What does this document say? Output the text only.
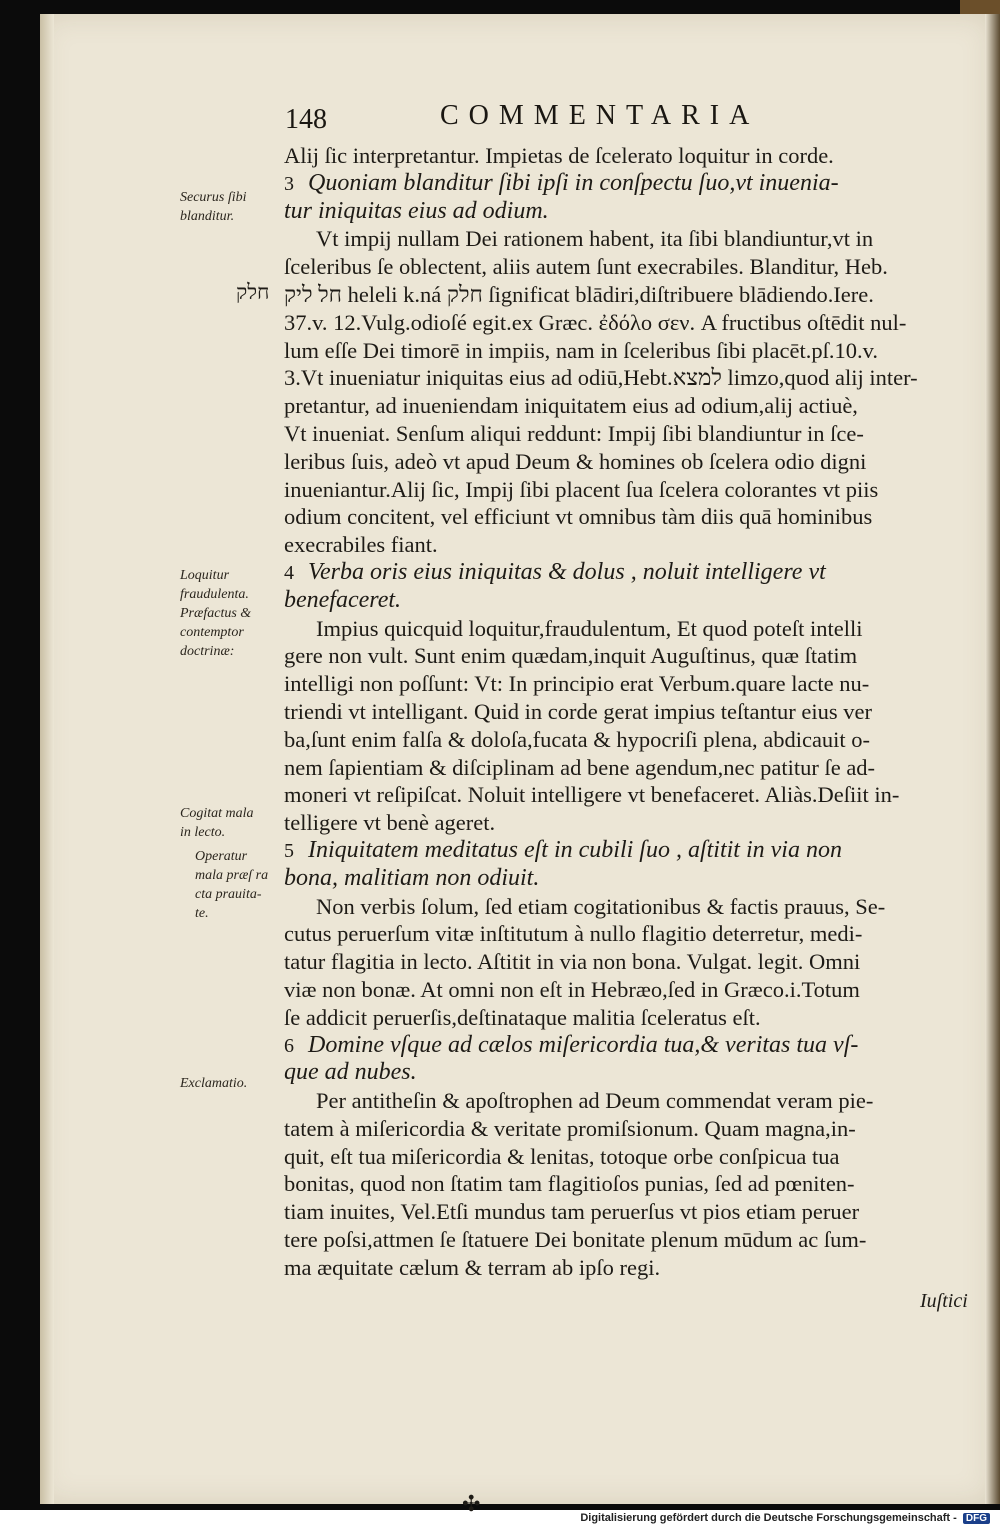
148	COMMENTARIA
חלק
Alij ſic interpretantur. Impietas de ſcelerato loquitur in corde.
3 Quoniam blanditur ſibi ipſi in conſpectu ſuo,vt inuenia-
tur iniquitas eius ad odium.
Vt impij nullam Dei rationem habent, ita ſibi blandiuntur,vt in
ſceleribus ſe oblectent, aliis autem ſunt execrabiles. Blanditur, Heb.
חל ליק heleli k.ná חלק ſignificat blādiri,diſtribuere blādiendo.Iere.
37.v. 12.Vulg.odioſé egit.ex Græc. ἐδόλο σεν. A fructibus oſtēdit nul-
lum eſſe Dei timorē in impiis, nam in ſceleribus ſibi placēt.pſ.10.v.
3.Vt inueniatur iniquitas eius ad odiū,Hebt.למצא limzo,quod alij inter-
pretantur, ad inueniendam iniquitatem eius ad odium,alij actiuè,
Vt inueniat. Senſum aliqui reddunt: Impij ſibi blandiuntur in ſce-
leribus ſuis, adeò vt apud Deum & homines ob ſcelera odio digni
inueniantur.Alij ſic, Impij ſibi placent ſua ſcelera colorantes vt piis
odium concitent, vel efficiunt vt omnibus tàm diis quā hominibus
execrabiles fiant.
4 Verba oris eius iniquitas & dolus , noluit intelligere vt
benefaceret.
Impius quicquid loquitur,fraudulentum, Et quod poteſt intelli
gere non vult. Sunt enim quædam,inquit Auguſtinus, quæ ſtatim
intelligi non poſſunt: Vt: In principio erat Verbum.quare lacte nu-
triendi vt intelligant. Quid in corde gerat impius teſtantur eius ver
ba,ſunt enim falſa & doloſa,fucata & hypocriſi plena, abdicauit o-
nem ſapientiam & diſciplinam ad bene agendum,nec patitur ſe ad-
moneri vt reſipiſcat. Noluit intelligere vt benefaceret. Aliàs.Deſiit in-
telligere vt benè ageret.
5 Iniquitatem meditatus eſt in cubili ſuo , aſtitit in via non
bona, malitiam non odiuit.
Non verbis ſolum, ſed etiam cogitationibus & factis prauus, Se-
cutus peruerſum vitæ inſtitutum à nullo flagitio deterretur, medi-
tatur flagitia in lecto. Aſtitit in via non bona. Vulgat. legit. Omni
viæ non bonæ. At omni non eſt in Hebræo,ſed in Græco.i.Totum
ſe addicit peruerſis,deſtinataque malitia ſceleratus eſt.
6 Domine vſque ad cælos miſericordia tua,& veritas tua vſ-
que ad nubes.
Per antitheſin & apoſtrophen ad Deum commendat veram pie-
tatem à miſericordia & veritate promiſsionum. Quam magna,in-
quit, eſt tua miſericordia & lenitas, totoque orbe conſpicua tua
bonitas, quod non ſtatim tam flagitioſos punias, ſed ad pœniten-
tiam inuites, Vel.Etſi mundus tam peruerſus vt pios etiam peruer
tere poſsi,attmen ſe ſtatuere Dei bonitate plenum mūdum ac ſum-
ma æquitate cælum & terram ab ipſo regi.
Securus ſibi
blanditur.
Loquitur
fraudulenta.
Præfactus &
contemptor
doctrinæ:
Cogitat mala
in lecto.
Operatur
mala præſ ra
cta prauita-
te.
Exclamatio.
Iuſtici
✣
Digitalisierung gefördert durch die Deutsche Forschungsgemeinschaft - DFG
